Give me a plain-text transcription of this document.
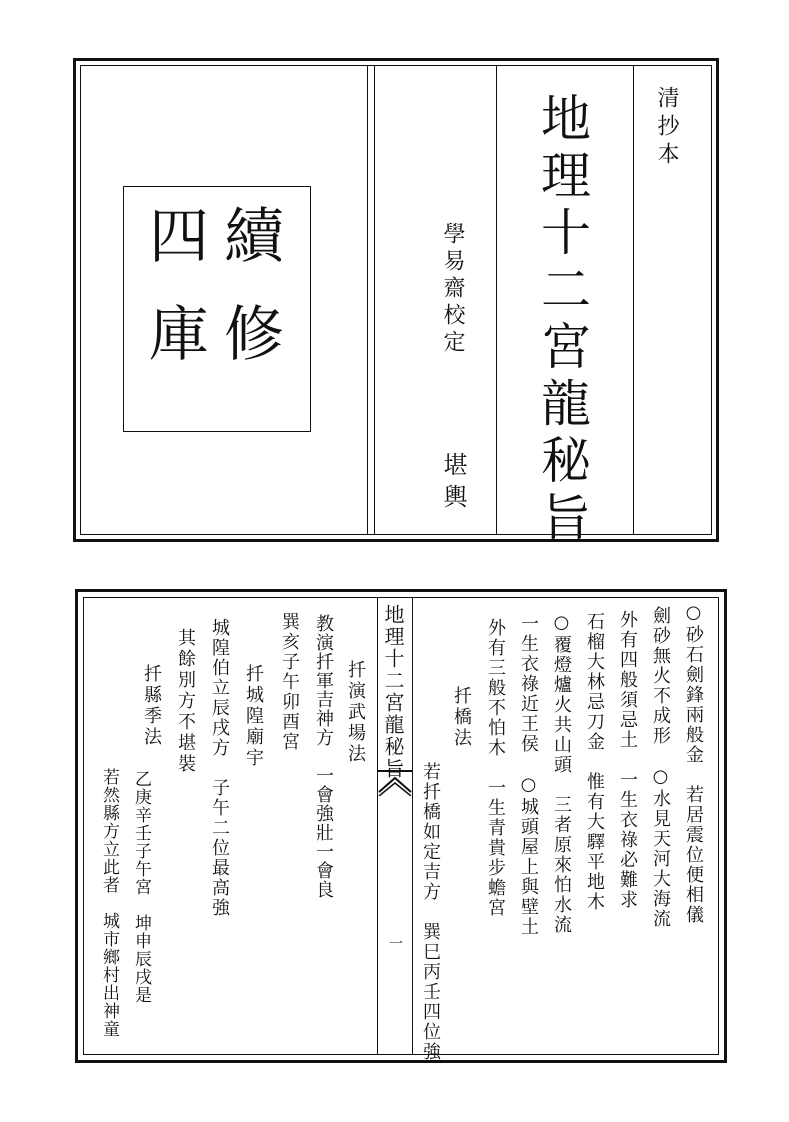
清抄本
地理十二宮龍秘旨
學易齋校定
堪輿
續
修
四
庫
地理十二宮龍秘旨
一
○砂石劍鋒兩般金　若居震位便相儀
劍砂無火不成形　○水見天河大海流
外有四般須忌土　一生衣祿必難求
石榴大林忌刀金　惟有大驛平地木
○覆燈爐火共山頭　三者原來怕水流
一生衣祿近王侯　○城頭屋上與壁土
外有三般不怕木　一生青貴步蟾宮
扦橋法
若扦橋如定吉方　巽巳丙壬四位強
扦演武場法
教演扦軍吉神方　一會強壯一會良
巽亥子午卯酉宮
扦城隍廟宇
城隍伯立辰戌方　子午二位最高強
其餘別方不堪裝
扦縣季法
乙庚辛壬子午宮　坤申辰戌是
若然縣方立此者　城市鄉村出神童
